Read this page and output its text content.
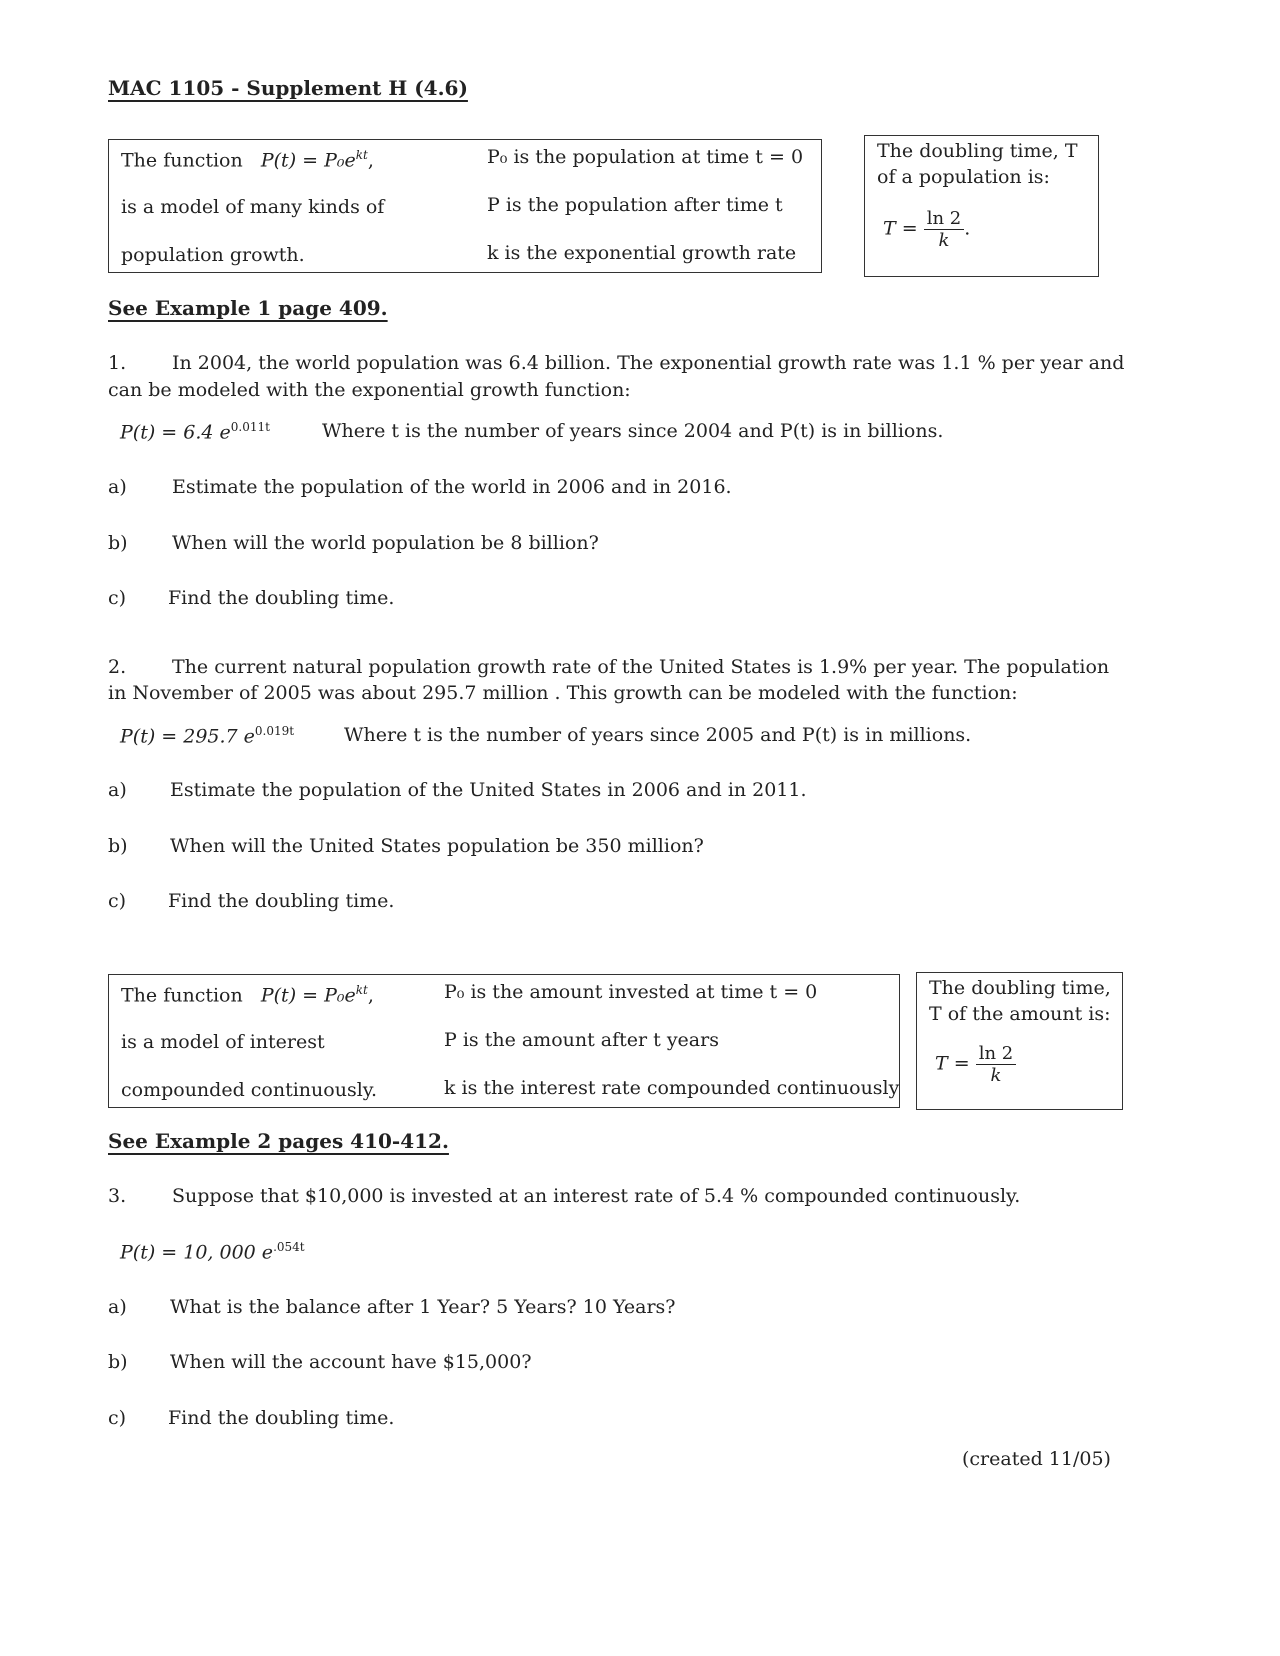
MAC 1105 - Supplement H (4.6)
The function $P(t) = P_0e^{kt}$,
is a model of many kinds of
population growth.
P₀ is the population at time t = 0
P is the population after time t
k is the exponential growth rate
The doubling time, T
of a population is:
$T = \frac{\ln 2}{k}$ .
See Example 1 page 409.
1. In 2004, the world population was 6.4 billion. The exponential growth rate was 1.1 % per year and
can be modeled with the exponential growth function:
P(t) = 6.4 $e^{0.011t}$	Where t is the number of years since 2004 and P(t) is in billions.
a) Estimate the population of the world in 2006 and in 2016.
b) When will the world population be 8 billion?
c) Find the doubling time.
2. The current natural population growth rate of the United States is 1.9% per year. The population
in November of 2005 was about 295.7 million . This growth can be modeled with the function:
P(t) = 295.7 $e^{0.019t}$	Where t is the number of years since 2005 and P(t) is in millions.
a) Estimate the population of the United States in 2006 and in 2011.
b) When will the United States population be 350 million?
c) Find the doubling time.
The function $P(t) = P_0e^{kt}$,
is a model of interest
compounded continuously.
P₀ is the amount invested at time t = 0
P is the amount after t years
k is the interest rate compounded continuously
The doubling time,
T of the amount is:
$T = \frac{\ln 2}{k}$
See Example 2 pages 410-412.
3. Suppose that $10,000 is invested at an interest rate of 5.4 % compounded continuously.
P(t) = 10, 000 $e^{.054t}$
a) What is the balance after 1 Year? 5 Years? 10 Years?
b) When will the account have $15,000?
c) Find the doubling time.
(created 11/05)
